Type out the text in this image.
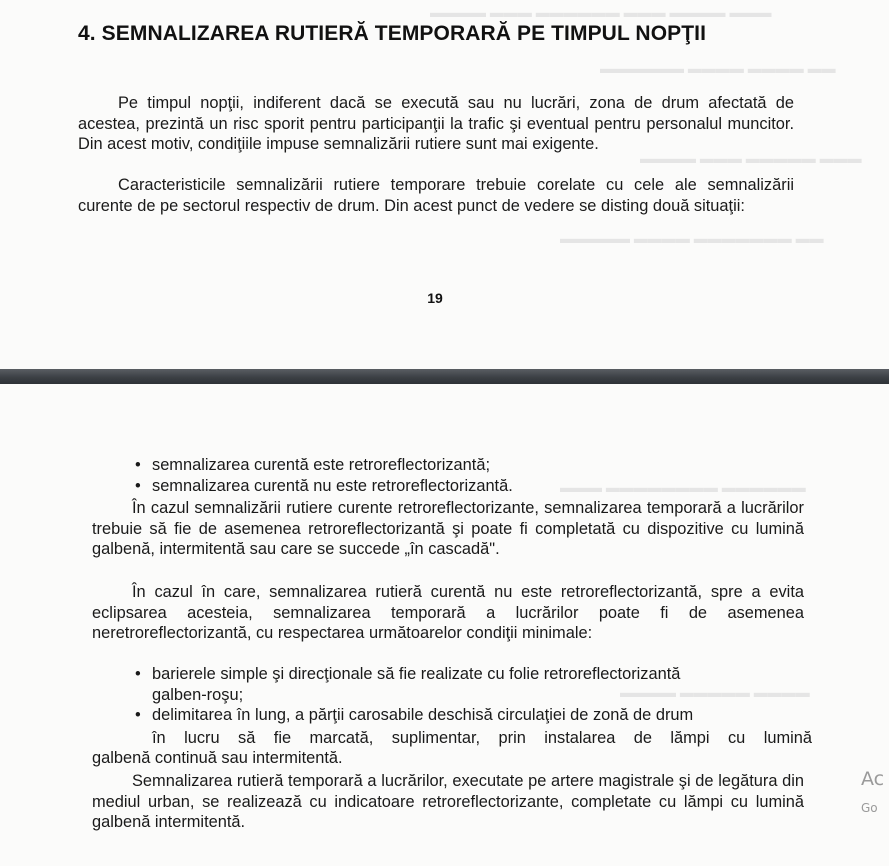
▬▬▬▬ ▬▬▬ ▬▬▬▬▬▬ ▬▬▬ ▬▬▬▬ ▬▬▬
▬▬▬▬▬▬ ▬▬▬▬ ▬▬▬▬ ▬▬
▬▬▬▬ ▬▬▬ ▬▬▬▬▬ ▬▬▬
▬▬▬▬▬ ▬▬▬▬ ▬▬▬▬▬▬▬ ▬▬
4. SEMNALIZAREA RUTIERĂ TEMPORARĂ PE TIMPUL NOPŢII
Pe timpul nopţii, indiferent dacă se execută sau nu lucrări, zona de drum afectată de acestea, prezintă un risc sporit pentru participanţii la trafic şi eventual pentru personalul muncitor. Din acest motiv, condiţiile impuse semnalizării rutiere sunt mai exigente.
Caracteristicile semnalizării rutiere temporare trebuie corelate cu cele ale semnalizării curente de pe sectorul respectiv de drum. Din acest punct de vedere se disting două situaţii:
19
▬▬▬ ▬▬▬▬▬▬▬▬ ▬▬▬▬▬▬
▬▬▬▬ ▬▬▬▬▬ ▬▬▬▬

• semnalizarea curentă este retroreflectorizantă;

• semnalizarea curentă nu este retroreflectorizantă.

În cazul semnalizării rutiere curente retroreflectorizante, semnalizarea temporară a lucrărilor trebuie să fie de asemenea retroreflectorizantă şi poate fi completată cu dispozitive cu lumină galbenă, intermitentă sau care se succede „în cascadă".
În cazul în care, semnalizarea rutieră curentă nu este retroreflectorizantă, spre a evita eclipsarea acesteia, semnalizarea temporară a lucrărilor poate fi de asemenea neretroreflectorizantă, cu respectarea următoarelor condiţii minimale:

• barierele simple şi direcţionale să fie realizate cu folie retroreflectorizantă

galben-roşu;

• delimitarea în lung, a părţii carosabile deschisă circulaţiei de zonă de drum

în lucru să fie marcată, suplimentar, prin instalarea de lămpi cu lumină
galbenă continuă sau intermitentă.
Semnalizarea rutieră temporară a lucrărilor, executate pe artere magistrale şi de legătura din mediul urban, se realizează cu indicatoare retroreflectorizante, completate cu lămpi cu lumină galbenă intermitentă.
Ac
Go
